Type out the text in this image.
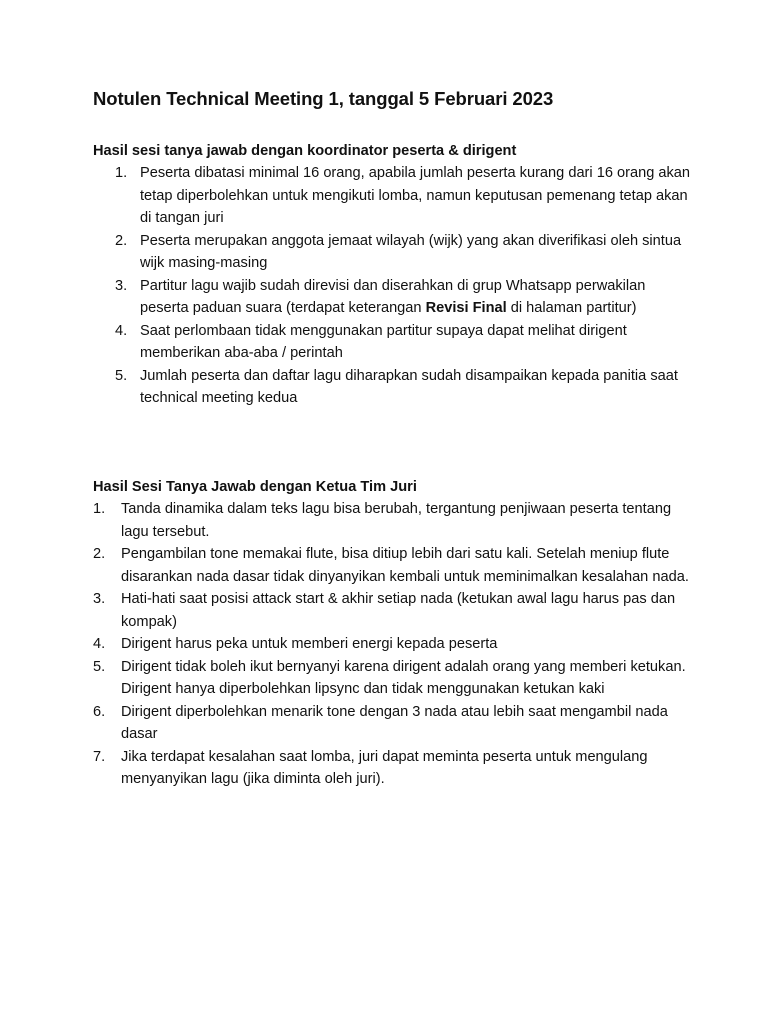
Notulen Technical Meeting 1, tanggal 5 Februari 2023

Hasil sesi tanya jawab dengan koordinator peserta & dirigent

1. Peserta dibatasi minimal 16 orang, apabila jumlah peserta kurang dari 16 orang akan tetap diperbolehkan untuk mengikuti lomba, namun keputusan pemenang tetap akan di tangan juri
2. Peserta merupakan anggota jemaat wilayah (wijk) yang akan diverifikasi oleh sintua wijk masing-masing
3. Partitur lagu wajib sudah direvisi dan diserahkan di grup Whatsapp perwakilan peserta paduan suara (terdapat keterangan Revisi Final di halaman partitur)
4. Saat perlombaan tidak menggunakan partitur supaya dapat melihat dirigent memberikan aba-aba / perintah
5. Jumlah peserta dan daftar lagu diharapkan sudah disampaikan kepada panitia saat technical meeting kedua

Hasil Sesi Tanya Jawab dengan Ketua Tim Juri

1. Tanda dinamika dalam teks lagu bisa berubah, tergantung penjiwaan peserta tentang lagu tersebut.
2. Pengambilan tone memakai flute, bisa ditiup lebih dari satu kali. Setelah meniup flute disarankan nada dasar tidak dinyanyikan kembali untuk meminimalkan kesalahan nada.
3. Hati-hati saat posisi attack start & akhir setiap nada (ketukan awal lagu harus pas dan kompak)
4. Dirigent harus peka untuk memberi energi kepada peserta
5. Dirigent tidak boleh ikut bernyanyi karena dirigent adalah orang yang memberi ketukan. Dirigent hanya diperbolehkan lipsync dan tidak menggunakan ketukan kaki
6. Dirigent diperbolehkan menarik tone dengan 3 nada atau lebih saat mengambil nada dasar
7. Jika terdapat kesalahan saat lomba, juri dapat meminta peserta untuk mengulang menyanyikan lagu (jika diminta oleh juri).
